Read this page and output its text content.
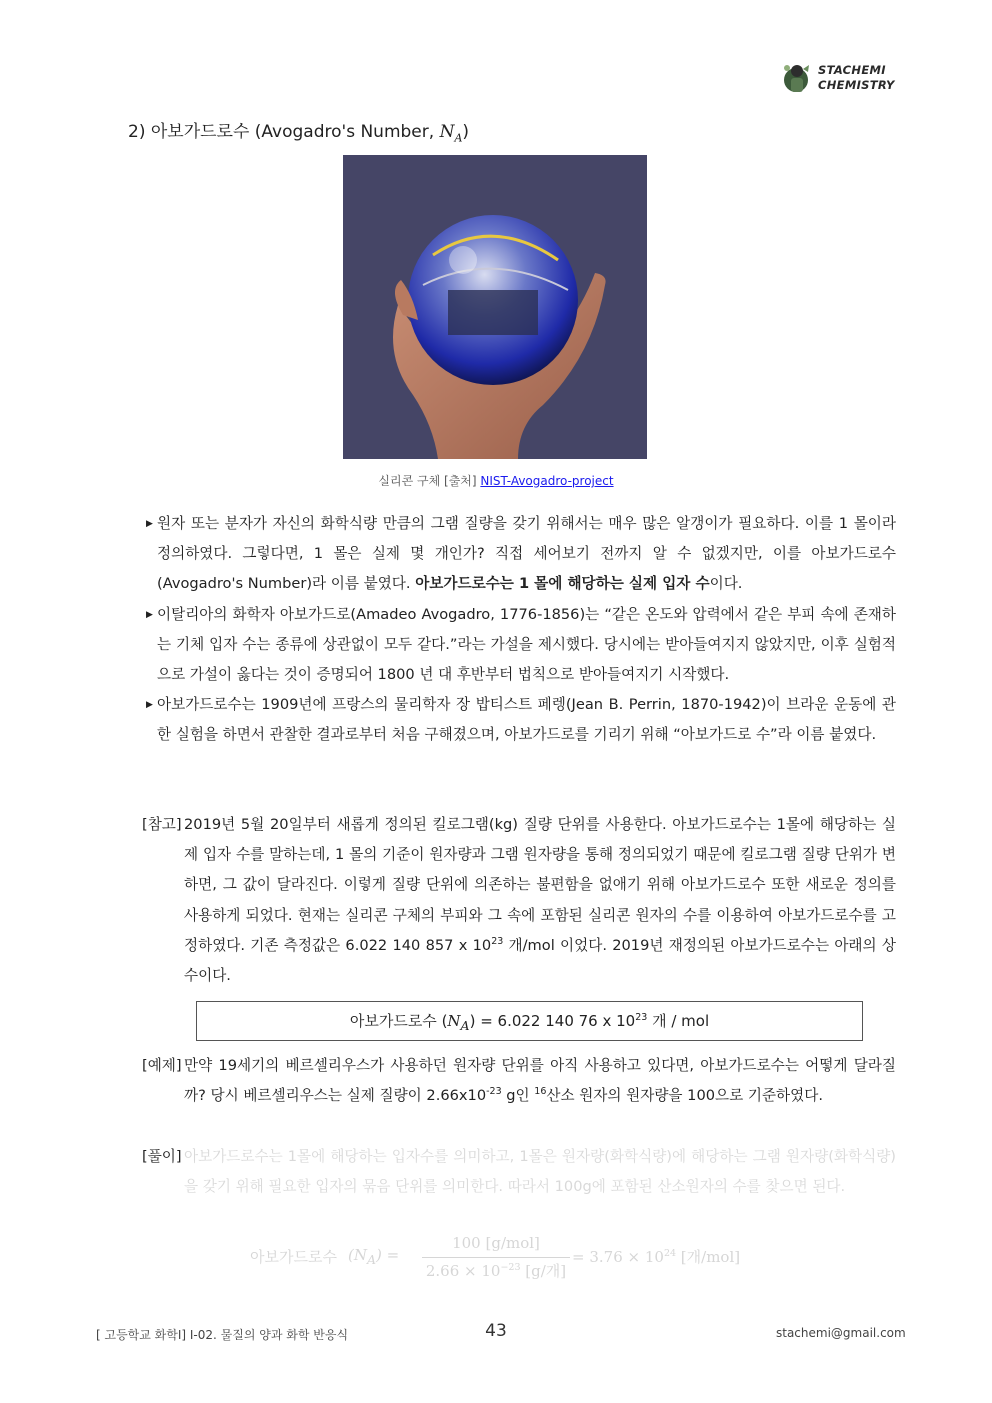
STACHEMI
CHEMISTRY
2) 아보가드로수 (Avogadro's Number, $N_A$)
실리콘 구체 [출처] NIST-Avogadro-project
▶ 원자 또는 분자가 자신의 화학식량 만큼의 그램 질량을 갖기 위해서는 매우 많은 알갱이가 필요하다. 이를 1 몰이라 정의하였다. 그렇다면, 1 몰은 실제 몇 개인가? 직접 세어보기 전까지 알 수 없겠지만, 이를 아보가드로수(Avogadro's Number)라 이름 붙였다. 아보가드로수는 1 몰에 해당하는 실제 입자 수이다.
▶ 이탈리아의 화학자 아보가드로(Amadeo Avogadro, 1776-1856)는 “같은 온도와 압력에서 같은 부피 속에 존재하는 기체 입자 수는 종류에 상관없이 모두 같다.”라는 가설을 제시했다. 당시에는 받아들여지지 않았지만, 이후 실험적으로 가설이 옳다는 것이 증명되어 1800 년 대 후반부터 법칙으로 받아들여지기 시작했다.
▶ 아보가드로수는 1909년에 프랑스의 물리학자 장 밥티스트 페렝(Jean B. Perrin, 1870-1942)이 브라운 운동에 관한 실험을 하면서 관찰한 결과로부터 처음 구해졌으며, 아보가드로를 기리기 위해 “아보가드로 수”라 이름 붙였다.
[참고] 2019년 5월 20일부터 새롭게 정의된 킬로그램(kg) 질량 단위를 사용한다. 아보가드로수는 1몰에 해당하는 실제 입자 수를 말하는데, 1 몰의 기준이 원자량과 그램 원자량을 통해 정의되었기 때문에 킬로그램 질량 단위가 변하면, 그 값이 달라진다. 이렇게 질량 단위에 의존하는 불편함을 없애기 위해 아보가드로수 또한 새로운 정의를 사용하게 되었다. 현재는 실리콘 구체의 부피와 그 속에 포함된 실리콘 원자의 수를 이용하여 아보가드로수를 고정하였다. 기존 측정값은 6.022 140 857 x $10^{23}$ 개/mol 이었다. 2019년 재정의된 아보가드로수는 아래의 상수이다.
아보가드로수 $(N_A) = 6.022$ 140 76 x $10^{23}$ 개 / mol
[예제] 만약 19세기의 베르셀리우스가 사용하던 원자량 단위를 아직 사용하고 있다면, 아보가드로수는 어떻게 달라질까? 당시 베르셀리우스는 실제 질량이 $2.66x10^{-23}$ g인 $^{16}$산소 원자의 원자량을 100으로 기준하였다.
[풀이] 아보가드로수는 1몰에 해당하는 입자수를 의미하고, 1몰은 원자량(화학식량)에 해당하는 그램 원자량(화학식량)을 갖기 위해 필요한 입자의 묶음 단위를 의미한다. 따라서 100g에 포함된 산소원자의 수를 찾으면 된다.
아보가드로수 $(N_A)$ =
100 [g/mol]
$2.66 \times 10^{-23}$ [g/개]
= $3.76 \times 10^{24}$ [개/mol]
[ 고등학교 화학Ⅰ] Ⅰ-02. 물질의 양과 화학 반응식	43	stachemi@gmail.com
